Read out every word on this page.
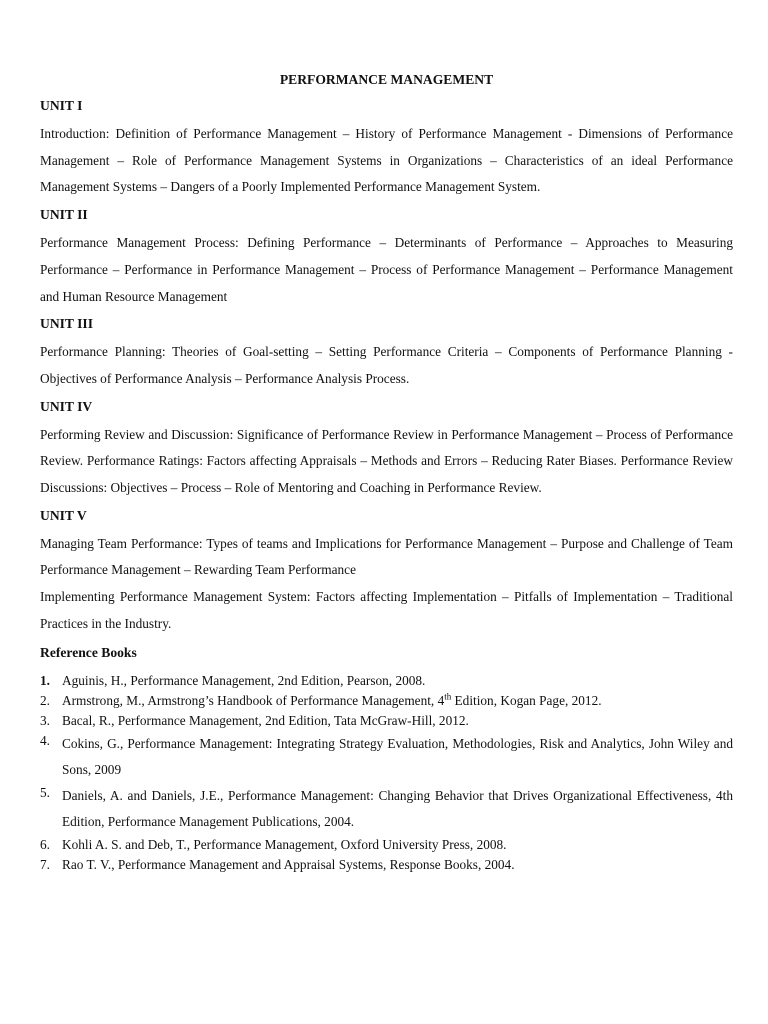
PERFORMANCE MANAGEMENT
UNIT I
Introduction: Definition of Performance Management – History of Performance Management - Dimensions of Performance Management – Role of Performance Management Systems in Organizations – Characteristics of an ideal Performance Management Systems – Dangers of a Poorly Implemented Performance Management System.
UNIT II
Performance Management Process: Defining Performance – Determinants of Performance – Approaches to Measuring Performance – Performance in Performance Management – Process of Performance Management – Performance Management and Human Resource Management
UNIT III
Performance Planning: Theories of Goal-setting – Setting Performance Criteria – Components of Performance Planning - Objectives of Performance Analysis – Performance Analysis Process.
UNIT IV
Performing Review and Discussion: Significance of Performance Review in Performance Management – Process of Performance Review. Performance Ratings: Factors affecting Appraisals – Methods and Errors – Reducing Rater Biases. Performance Review Discussions: Objectives – Process – Role of Mentoring and Coaching in Performance Review.
UNIT V
Managing Team Performance: Types of teams and Implications for Performance Management – Purpose and Challenge of Team Performance Management – Rewarding Team Performance
Implementing Performance Management System: Factors affecting Implementation – Pitfalls of Implementation – Traditional Practices in the Industry.
Reference Books
1. Aguinis, H., Performance Management, 2nd Edition, Pearson, 2008.
2. Armstrong, M., Armstrong’s Handbook of Performance Management, 4th Edition, Kogan Page, 2012.
3. Bacal, R., Performance Management, 2nd Edition, Tata McGraw-Hill, 2012.
4. Cokins, G., Performance Management: Integrating Strategy Evaluation, Methodologies, Risk and Analytics, John Wiley and Sons, 2009
5. Daniels, A. and Daniels, J.E., Performance Management: Changing Behavior that Drives Organizational Effectiveness, 4th Edition, Performance Management Publications, 2004.
6. Kohli A. S. and Deb, T., Performance Management, Oxford University Press, 2008.
7. Rao T. V., Performance Management and Appraisal Systems, Response Books, 2004.
